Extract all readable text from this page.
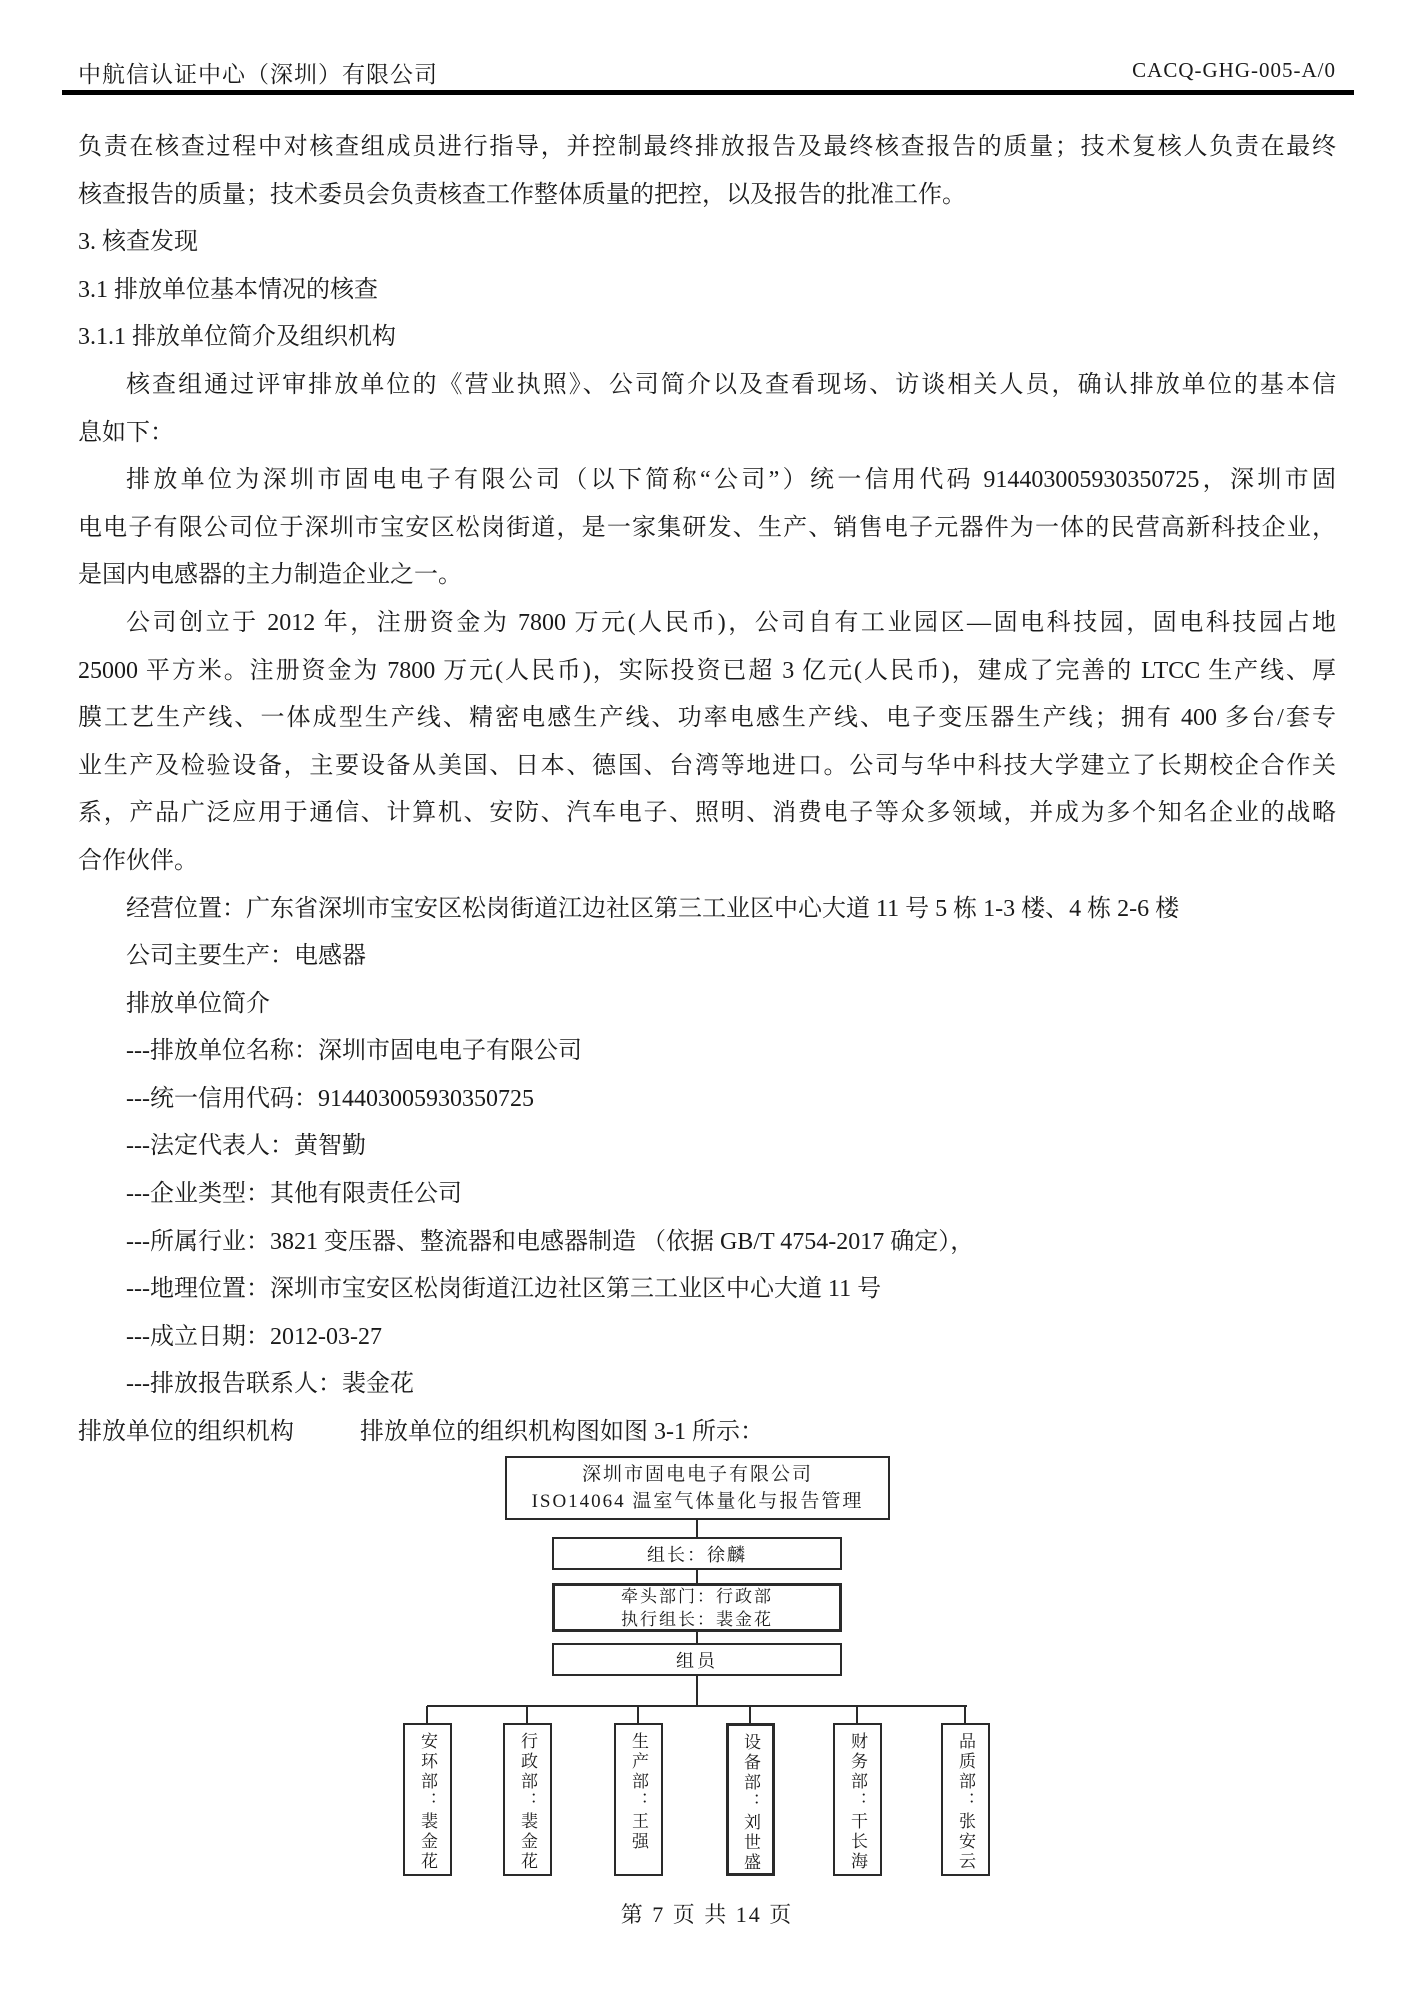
中航信认证中心（深圳）有限公司	CACQ-GHG-005-A/0
负责在核查过程中对核查组成员进行指导，并控制最终排放报告及最终核查报告的质量；技术复核人负责在最终
核查报告的质量；技术委员会负责核查工作整体质量的把控，以及报告的批准工作。
3. 核查发现
3.1 排放单位基本情况的核查
3.1.1 排放单位简介及组织机构
核查组通过评审排放单位的《营业执照》、公司简介以及查看现场、访谈相关人员，确认排放单位的基本信
息如下：
排放单位为深圳市固电电子有限公司（以下简称“公司”）统一信用代码 914403005930350725，深圳市固
电电子有限公司位于深圳市宝安区松岗街道，是一家集研发、生产、销售电子元器件为一体的民营高新科技企业，
是国内电感器的主力制造企业之一。
公司创立于 2012 年，注册资金为 7800 万元(人民币)，公司自有工业园区—固电科技园，固电科技园占地
25000 平方米。注册资金为 7800 万元(人民币)，实际投资已超 3 亿元(人民币)，建成了完善的 LTCC 生产线、厚
膜工艺生产线、一体成型生产线、精密电感生产线、功率电感生产线、电子变压器生产线；拥有 400 多台/套专
业生产及检验设备，主要设备从美国、日本、德国、台湾等地进口。公司与华中科技大学建立了长期校企合作关
系，产品广泛应用于通信、计算机、安防、汽车电子、照明、消费电子等众多领域，并成为多个知名企业的战略
合作伙伴。
经营位置：广东省深圳市宝安区松岗街道江边社区第三工业区中心大道 11 号 5 栋 1-3 楼、4 栋 2-6 楼
公司主要生产：电感器
排放单位简介
---排放单位名称：深圳市固电电子有限公司
---统一信用代码：914403005930350725
---法定代表人：黄智勤
---企业类型：其他有限责任公司
---所属行业：3821 变压器、整流器和电感器制造 （依据 GB/T 4754-2017 确定），
---地理位置：深圳市宝安区松岗街道江边社区第三工业区中心大道 11 号
---成立日期：2012-03-27
---排放报告联系人：裴金花
排放单位的组织机构	排放单位的组织机构图如图 3-1 所示：
深圳市固电电子有限公司
ISO14064 温室气体量化与报告管理
组长：徐麟
牵头部门：行政部
执行组长：裴金花
组员
安环部：裴金花	行政部：裴金花	生产部：王强	设备部：刘世盛	财务部：干长海	品质部：张安云
第 7 页 共 14 页
